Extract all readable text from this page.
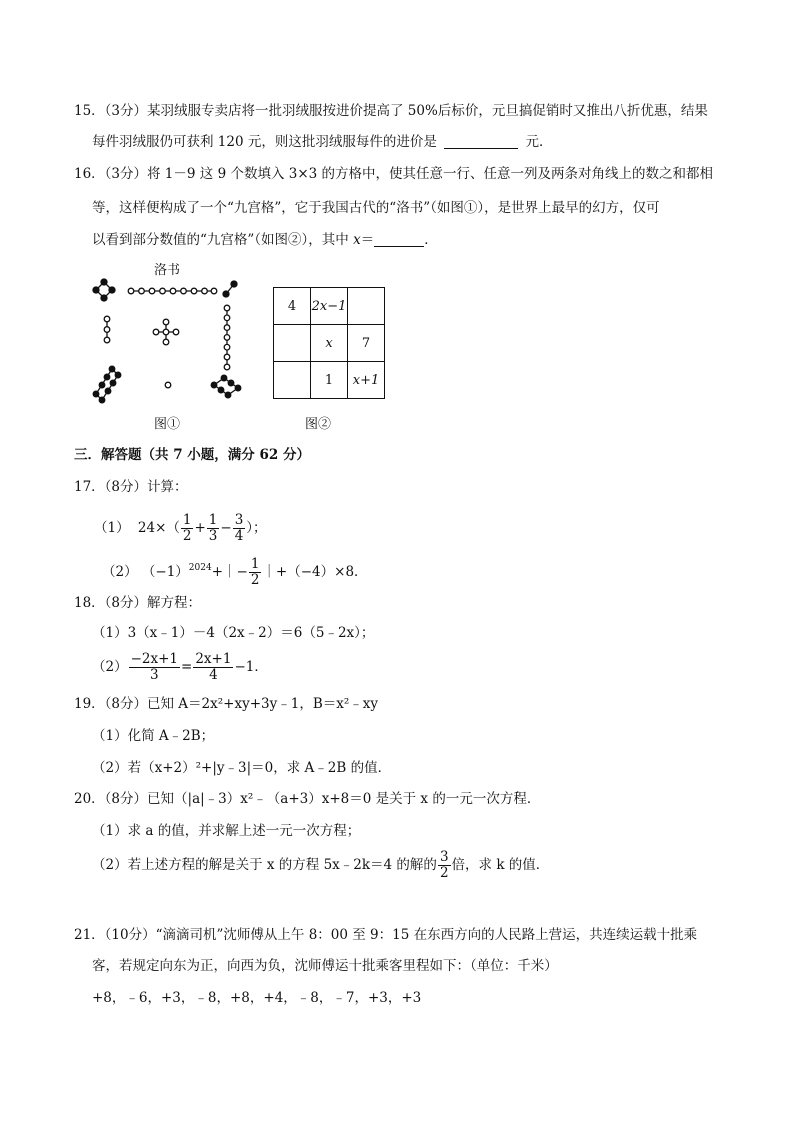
15．（3分）某羽绒服专卖店将一批羽绒服按进价提高了 50%后标价，元旦搞促销时又推出八折优惠，结果
每件羽绒服仍可获利 120 元，则这批羽绒服每件的进价是	元．
16．（3分）将 1－9 这 9 个数填入 3×3 的方格中，使其任意一行、任意一列及两条对角线上的数之和都相
等，这样便构成了一个“九宫格”，它于我国古代的“洛书”（如图①），是世界上最早的幻方，仅可
以看到部分数值的“九宫格”（如图②），其中 x＝	．
洛书
图①
4	2x−1	
	x	7
	1	x+1
图②
三．解答题（共 7 小题，满分 62 分）
17．（8分）计算：
（1） $24\times( \frac{1}{2} + \frac{1}{3} - \frac{3}{4}$ ）；
（2） $(-1)^{2024}+|- \frac{1}{2}$ ｜+（−4）×8．
18．（8分）解方程：
（1）3（x﹣1）－4（2x﹣2）＝6（5﹣2x）；
$(2) \frac{-2x+1}{3} = \frac{2x+1}{4} -1$．
19．（8分）已知 A＝2x²+xy+3y﹣1，B＝x²﹣xy
（1）化简 A﹣2B；
（2）若（x+2）²+|y﹣3|＝0，求 A﹣2B 的值．
20．（8分）已知（|a|﹣3）x²﹣（a+3）x+8＝0 是关于 x 的一元一次方程．
（1）求 a 的值，并求解上述一元一次方程；
（2）若上述方程的解是关于 x 的方程 5x﹣2k＝4 的解的 $\frac{3}{2}$ 倍，求 k 的值．
21．（10分）“滴滴司机”沈师傅从上午 8：00 至 9：15 在东西方向的人民路上营运，共连续运载十批乘
客，若规定向东为正，向西为负，沈师傅运十批乘客里程如下：（单位：千米）
+8，﹣6，+3，﹣8，+8，+4，﹣8，﹣7，+3，+3
